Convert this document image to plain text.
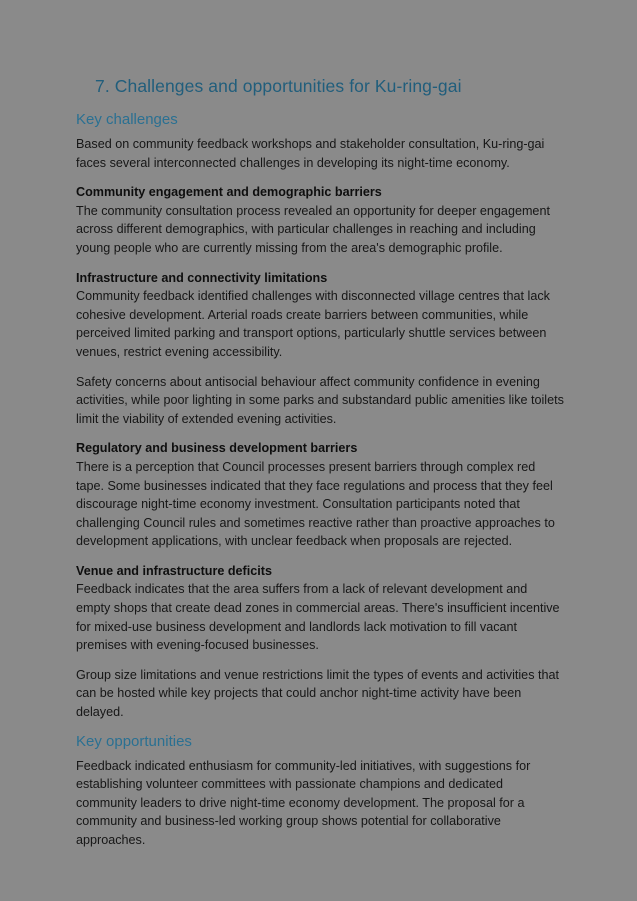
7. Challenges and opportunities for Ku-ring-gai
Key challenges

Based on community feedback workshops and stakeholder consultation, Ku-ring-gai faces several interconnected challenges in developing its night-time economy.

Community engagement and demographic barriers

The community consultation process revealed an opportunity for deeper engagement across different demographics, with particular challenges in reaching and including young people who are currently missing from the area's demographic profile.

Infrastructure and connectivity limitations

Community feedback identified challenges with disconnected village centres that lack cohesive development. Arterial roads create barriers between communities, while perceived limited parking and transport options, particularly shuttle services between venues, restrict evening accessibility.

Safety concerns about antisocial behaviour affect community confidence in evening activities, while poor lighting in some parks and substandard public amenities like toilets limit the viability of extended evening activities.

Regulatory and business development barriers

There is a perception that Council processes present barriers through complex red tape. Some businesses indicated that they face regulations and process that they feel discourage night-time economy investment. Consultation participants noted that challenging Council rules and sometimes reactive rather than proactive approaches to development applications, with unclear feedback when proposals are rejected.

Venue and infrastructure deficits

Feedback indicates that the area suffers from a lack of relevant development and empty shops that create dead zones in commercial areas. There's insufficient incentive for mixed-use business development and landlords lack motivation to fill vacant premises with evening-focused businesses.

Group size limitations and venue restrictions limit the types of events and activities that can be hosted while key projects that could anchor night-time activity have been delayed.

Key opportunities

Feedback indicated enthusiasm for community-led initiatives, with suggestions for establishing volunteer committees with passionate champions and dedicated community leaders to drive night-time economy development. The proposal for a community and business-led working group shows potential for collaborative approaches.
